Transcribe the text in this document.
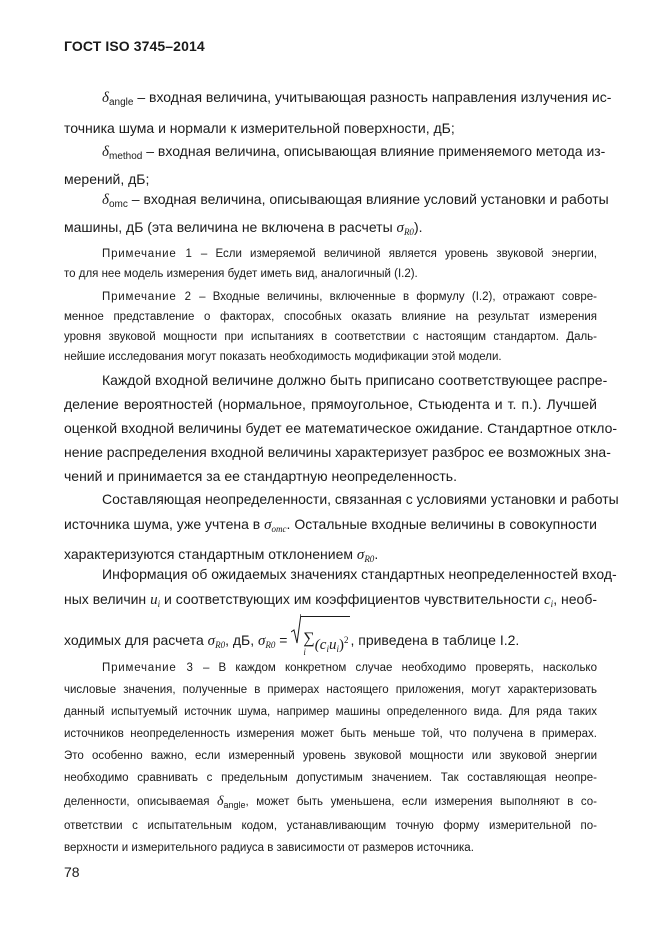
ГОСТ ISO 3745–2014

$\delta_{angle}$ – входная величина, учитывающая разность направления излучения ис-

точника шума и нормали к измерительной поверхности, дБ;

$\delta_{method}$ – входная величина, описывающая влияние применяемого метода из-

мерений, дБ;

$\delta_{omc}$ – входная величина, описывающая влияние условий установки и работы

машины, дБ (эта величина не включена в расчеты $\sigma_{R0}$).

Примечание 1 – Если измеряемой величиной является уровень звуковой энергии,

то для нее модель измерения будет иметь вид, аналогичный (I.2).

Примечание 2 – Входные величины, включенные в формулу (I.2), отражают совре-

менное представление о факторах, способных оказать влияние на результат измерения
уровня звуковой мощности при испытаниях в соответствии с настоящим стандартом. Даль-
нейшие исследования могут показать необходимость модификации этой модели.
Каждой входной величине должно быть приписано соответствующее распре-
деление вероятностей (нормальное, прямоугольное, Стьюдента и т. п.). Лучшей
оценкой входной величины будет ее математическое ожидание. Стандартное откло-
нение распределения входной величины характеризует разброс ее возможных зна-
чений и принимается за ее стандартную неопределенность.
Составляющая неопределенности, связанная с условиями установки и работы
источника шума, уже учтена в $\sigma_{omc}$. Остальные входные величины в совокупности
характеризуются стандартным отклонением $\sigma_{R0}$.
Информация об ожидаемых значениях стандартных неопределенностей вход-
ных величин $u_i$ и соответствующих им коэффициентов чувствительности $c_i$, необ-
ходимых для расчета $\sigma_{R0}$, дБ, $\sigma_{R0}$ =
∑
i $(c_iu_i)^2$ , приведена в таблице I.2.
Примечание 3 – В каждом конкретном случае необходимо проверять, насколько
числовые значения, полученные в примерах настоящего приложения, могут характеризовать
данный испытуемый источник шума, например машины определенного вида. Для ряда таких
источников неопределенность измерения может быть меньше той, что получена в примерах.
Это особенно важно, если измеренный уровень звуковой мощности или звуковой энергии
необходимо сравнивать с предельным допустимым значением. Так составляющая неопре-
деленности, описываемая $\delta_{angle}$, может быть уменьшена, если измерения выполняют в со-
ответствии с испытательным кодом, устанавливающим точную форму измерительной по-
верхности и измерительного радиуса в зависимости от размеров источника.
78
